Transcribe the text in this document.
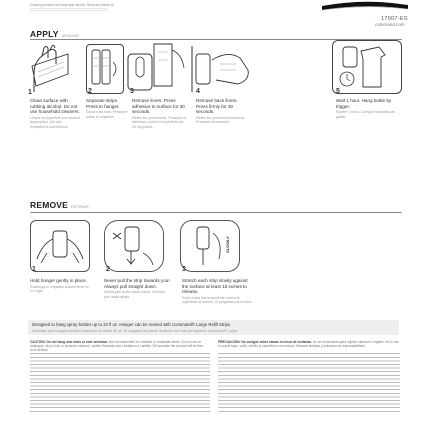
Cleaning surface with isopropyl alcohol. Read and follow all
17007-ES
command.com
APPLY APLICAR
1	2	3	4	5
Clean surface with rubbing alcohol. Do not use household cleaners.
Limpie la superficie con alcohol isopropílico. No use limpiadores domésticos.
Separate strips. Press to hanger.
Separe las tiras. Presione sobre el colgador.
Remove liners. Press adhesive to surface for 30 seconds.
Retire los protectores. Presione el adhesivo contra la superficie por 30 segundos.
Remove back liners. Press firmly for 30 seconds.
Retire los protectores traseros. Presione firmemente.
Wait 1 hour. Hang bottle by trigger.
Espere 1 hora. Cuelgue la botella del gatillo.
REMOVE RETIRAR
1	2
SLOWLY
3
Hold hanger gently in place.
Sostenga el colgador suavemente en su lugar.
Never pull the strip towards you! Always pull straight down.
Nunca jale la tira hacia usted. Siempre jale hacia abajo.
Stretch each strip slowly against the surface at least 15 inches to release.
Estire cada tira lentamente contra la superficie al menos 15 pulgadas para soltar.

Designed to hang spray bottles up to 32 fl oz. Hanger can be reused with Command® Large Refill Strips.

Diseñado para colgar botellas rociadoras de hasta 32 oz. El colgador se puede reutilizar con tiras de repuesto Command® Large.

CAUTION: Do not hang over beds or near windows. Not recommended for valuable or breakable items. Do not use on wallpaper, vinyl, brick or textured surfaces. Limited Warranty and Limitation of Liability: 3M warrants the product will be free from defects.
PRECAUCIÓN: No cuelgue sobre camas ni cerca de ventanas. No se recomienda para objetos valiosos o frágiles. No lo use en papel tapiz, vinilo, ladrillo ni superficies con textura. Garantía limitada y limitación de responsabilidad.
